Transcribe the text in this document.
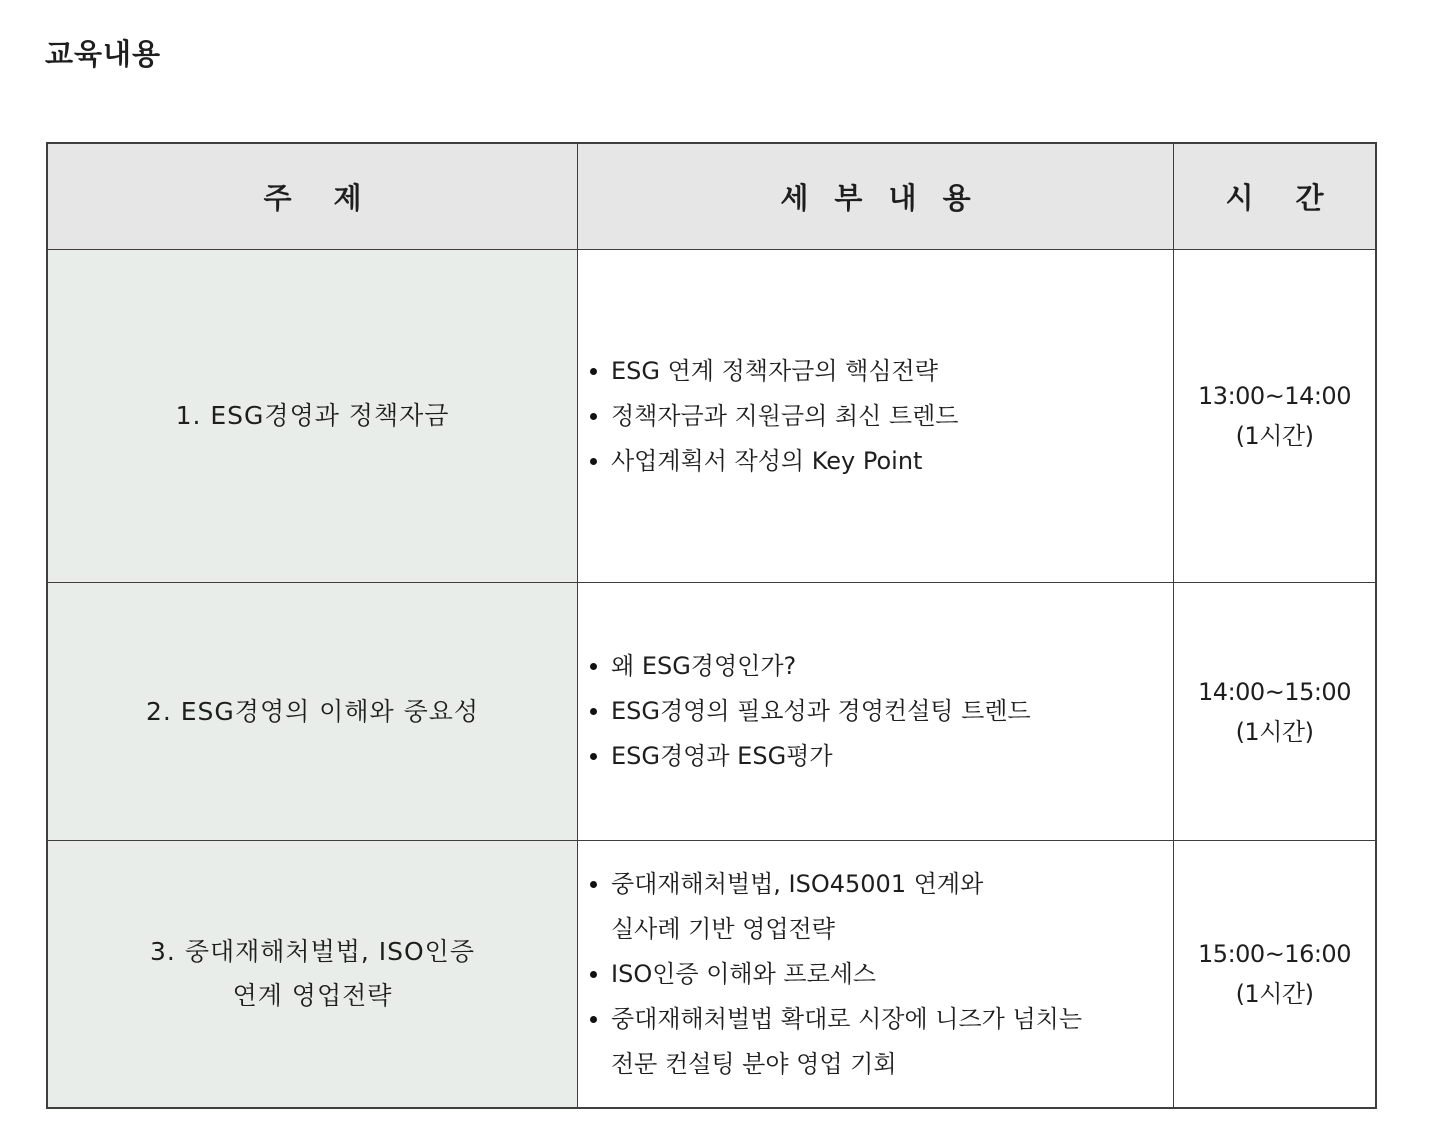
교육내용
주 제	세 부 내 용	시 간
1. ESG경영과 정책자금
ESG 연계 정책자금의 핵심전략
정책자금과 지원금의 최신 트렌드
사업계획서 작성의 Key Point
13:00~14:00
(1시간)
2. ESG경영의 이해와 중요성
왜 ESG경영인가?
ESG경영의 필요성과 경영컨설팅 트렌드
ESG경영과 ESG평가
14:00~15:00
(1시간)
3. 중대재해처벌법, ISO인증
연계 영업전략
중대재해처벌법, ISO45001 연계와
실사례 기반 영업전략
ISO인증 이해와 프로세스
중대재해처벌법 확대로 시장에 니즈가 넘치는
전문 컨설팅 분야 영업 기회
15:00~16:00
(1시간)
